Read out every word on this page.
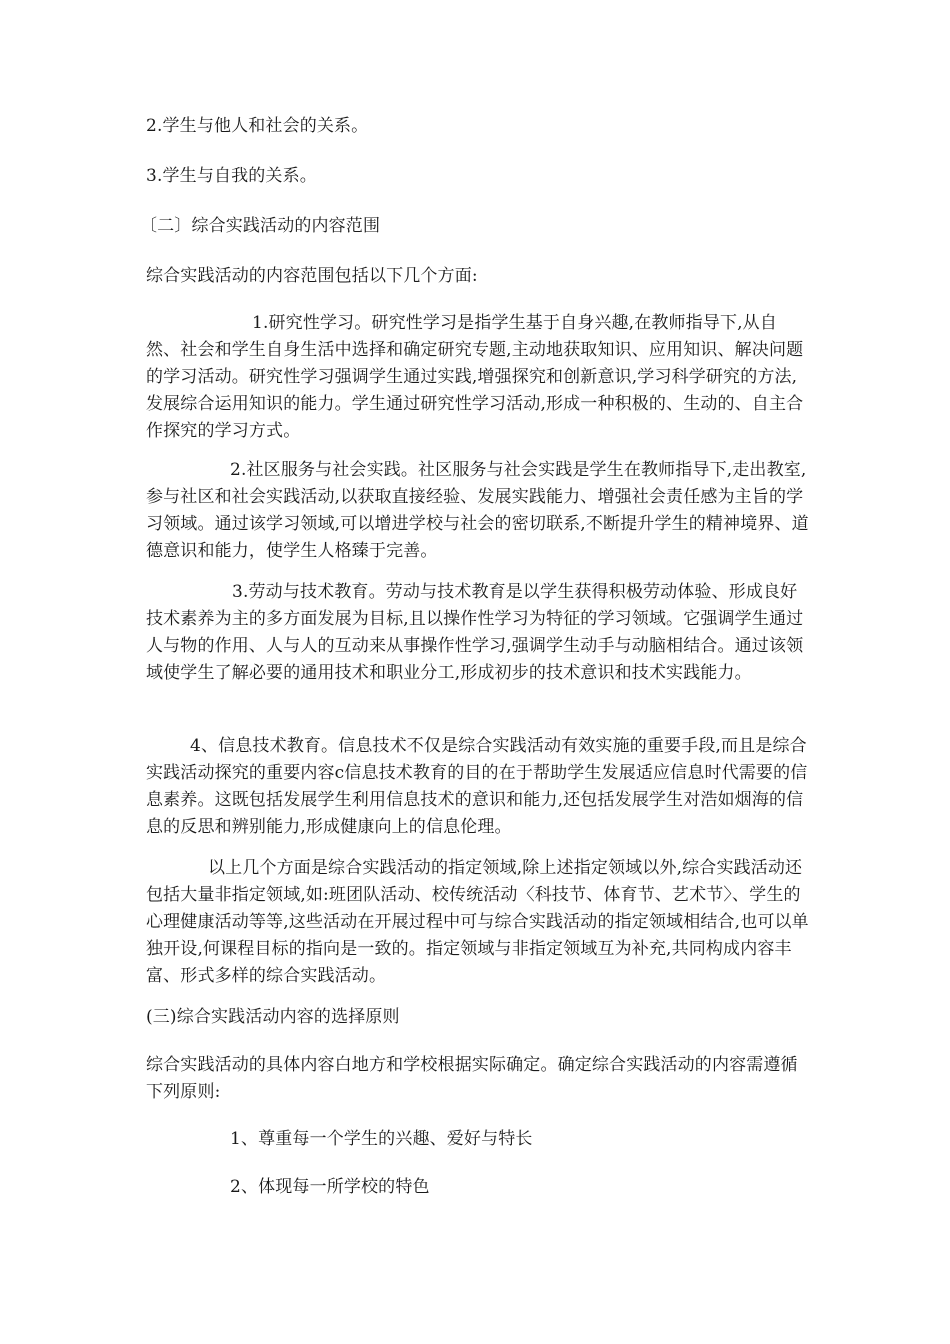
2.学生与他人和社会的关系。

3.学生与自我的关系。

〔二〕综合实践活动的内容范围

综合实践活动的内容范围包括以下几个方面:

1.研究性学习。研究性学习是指学生基于自身兴趣,在教师指导下,从自然、社会和学生自身生活中选择和确定研究专题,主动地获取知识、应用知识、解决问题的学习活动。研究性学习强调学生通过实践,增强探究和创新意识,学习科学研究的方法,发展综合运用知识的能力。学生通过研究性学习活动,形成一种积极的、生动的、自主合作探究的学习方式。

2.社区服务与社会实践。社区服务与社会实践是学生在教师指导下,走出教室,参与社区和社会实践活动,以获取直接经验、发展实践能力、增强社会责任感为主旨的学习领域。通过该学习领域,可以增进学校与社会的密切联系,不断提升学生的精神境界、道德意识和能力，使学生人格臻于完善。

3.劳动与技术教育。劳动与技术教育是以学生获得积极劳动体验、形成良好技术素养为主的多方面发展为目标,且以操作性学习为特征的学习领域。它强调学生通过人与物的作用、人与人的互动来从事操作性学习,强调学生动手与动脑相结合。通过该领域使学生了解必要的通用技术和职业分工,形成初步的技术意识和技术实践能力。

4、信息技术教育。信息技术不仅是综合实践活动有效实施的重要手段,而且是综合实践活动探究的重要内容c信息技术教育的目的在于帮助学生发展适应信息时代需要的信息素养。这既包括发展学生利用信息技术的意识和能力,还包括发展学生对浩如烟海的信息的反思和辨别能力,形成健康向上的信息伦理。

以上几个方面是综合实践活动的指定领域,除上述指定领域以外,综合实践活动还包括大量非指定领域,如:班团队活动、校传统活动〈科技节、体育节、艺术节〉、学生的心理健康活动等等,这些活动在开展过程中可与综合实践活动的指定领域相结合,也可以单独开设,何课程目标的指向是一致的。指定领域与非指定领域互为补充,共同构成内容丰富、形式多样的综合实践活动。

(三)综合实践活动内容的选择原则

综合实践活动的具体内容白地方和学校根据实际确定。确定综合实践活动的内容需遵循下列原则:

1、尊重每一个学生的兴趣、爱好与特长

2、体现每一所学校的特色
